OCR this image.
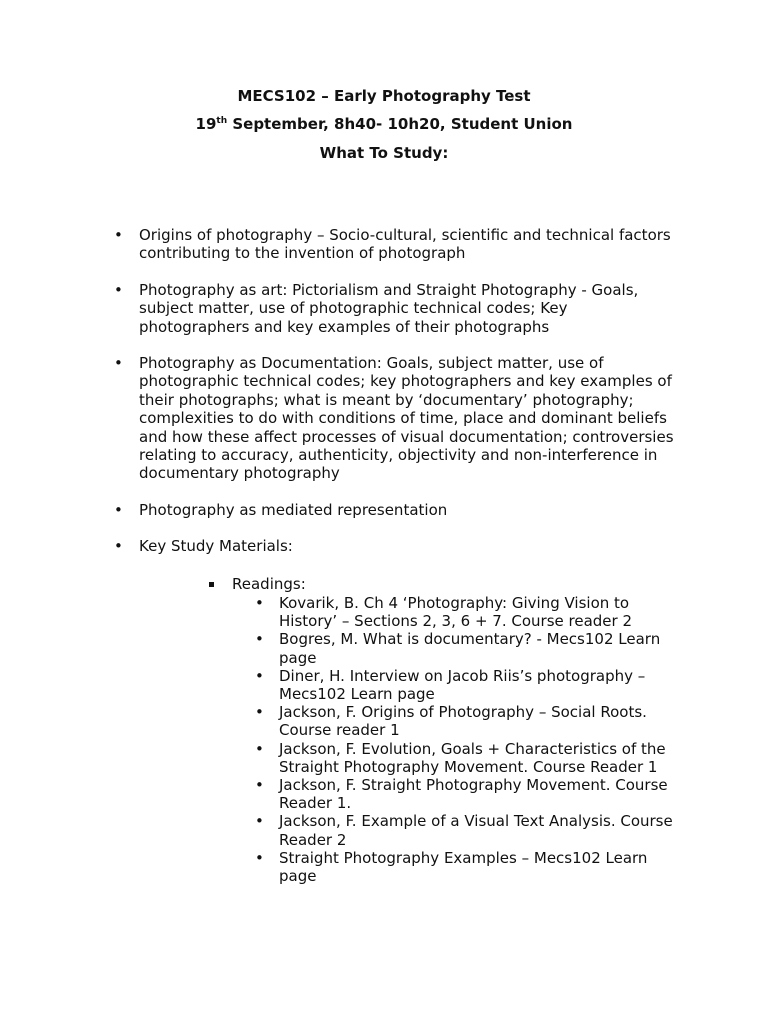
MECS102 – Early Photography Test
19th September, 8h40- 10h20, Student Union
What To Study:
• Origins of photography – Socio-cultural, scientific and technical factors contributing to the invention of photograph
• Photography as art: Pictorialism and Straight Photography - Goals, subject matter, use of photographic technical codes; Key photographers and key examples of their photographs
• Photography as Documentation: Goals, subject matter, use of photographic technical codes; key photographers and key examples of their photographs; what is meant by ‘documentary’ photography; complexities to do with conditions of time, place and dominant beliefs and how these affect processes of visual documentation; controversies relating to accuracy, authenticity, objectivity and non-interference in documentary photography
• Photography as mediated representation
• Key Study Materials:
Readings:
• Kovarik, B. Ch 4 ‘Photography: Giving Vision to History’ – Sections 2, 3, 6 + 7. Course reader 2
• Bogres, M. What is documentary? - Mecs102 Learn page
• Diner, H. Interview on Jacob Riis’s photography – Mecs102 Learn page
• Jackson, F. Origins of Photography – Social Roots. Course reader 1
• Jackson, F. Evolution, Goals + Characteristics of the Straight Photography Movement. Course Reader 1
• Jackson, F. Straight Photography Movement. Course Reader 1.
• Jackson, F. Example of a Visual Text Analysis. Course Reader 2
• Straight Photography Examples – Mecs102 Learn page
